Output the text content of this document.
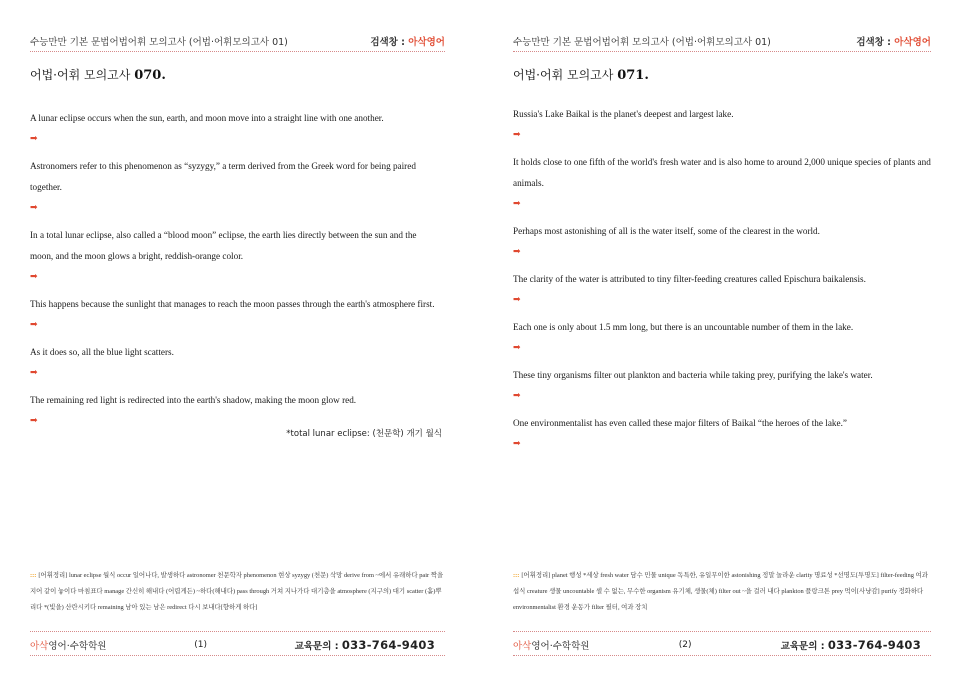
수능만만 기본 문법어법어휘 모의고사 (어법·어휘모의고사 01)	검색창 : 아삭영어
어법·어휘 모의고사 070.

A lunar eclipse occurs when the sun, earth, and moon move into a straight line with one another.

➡

Astronomers refer to this phenomenon as “syzygy,” a term derived from the Greek word for being paired together.

➡

In a total lunar eclipse, also called a “blood moon” eclipse, the earth lies directly between the sun and the moon, and the moon glows a bright, reddish-orange color.

➡

This happens because the sunlight that manages to reach the moon passes through the earth's atmosphere first.

➡

As it does so, all the blue light scatters.

➡

The remaining red light is redirected into the earth's shadow, making the moon glow red.

➡

*total lunar eclipse: (천문학) 개기 월식

::: [어휘정리] lunar eclipse 월식 occur 일어나다, 발생하다 astronomer 천문학자 phenomenon 현상 syzygy (천문) 삭망 derive from ~에서 유래하다 pair 짝을 지어 같이 놓이다 마침표다 manage 간신히 해내다 (어렵게든) ~하다(해내다) pass through 거쳐 지나가다 대기층을 atmosphere (지구의) 대기 scatter (흩)뿌리다 *(빛을) 산란시키다 remaining 남아 있는 남은 redirect 다시 보내다[향하게 하다]
아삭영어·수학학원	(1)	교육문의 : 033-764-9403
수능만만 기본 문법어법어휘 모의고사 (어법·어휘모의고사 01)	검색창 : 아삭영어
어법·어휘 모의고사 071.

Russia's Lake Baikal is the planet's deepest and largest lake.

➡

It holds close to one fifth of the world's fresh water and is also home to around 2,000 unique species of plants and animals.

➡

Perhaps most astonishing of all is the water itself, some of the clearest in the world.

➡

The clarity of the water is attributed to tiny filter-feeding creatures called Epischura baikalensis.

➡

Each one is only about 1.5 mm long, but there is an uncountable number of them in the lake.

➡

These tiny organisms filter out plankton and bacteria while taking prey, purifying the lake's water.

➡

One environmentalist has even called these major filters of Baikal “the heroes of the lake.”

➡

::: [어휘정리] planet 행성 *세상 fresh water 담수 민물 unique 독특한, 유일무이한 astonishing 정말 놀라운 clarity 명료성 *선명도[투명도] filter-feeding 여과 섭식 creature 생물 uncountable 셀 수 없는, 무수한 organism 유기체, 생물(체) filter out ~을 걸러 내다 plankton 플랑크톤 prey 먹이[사냥감] purify 정화하다 environmentalist 환경 운동가 filter 필터, 여과 장치
아삭영어·수학학원	(2)	교육문의 : 033-764-9403
